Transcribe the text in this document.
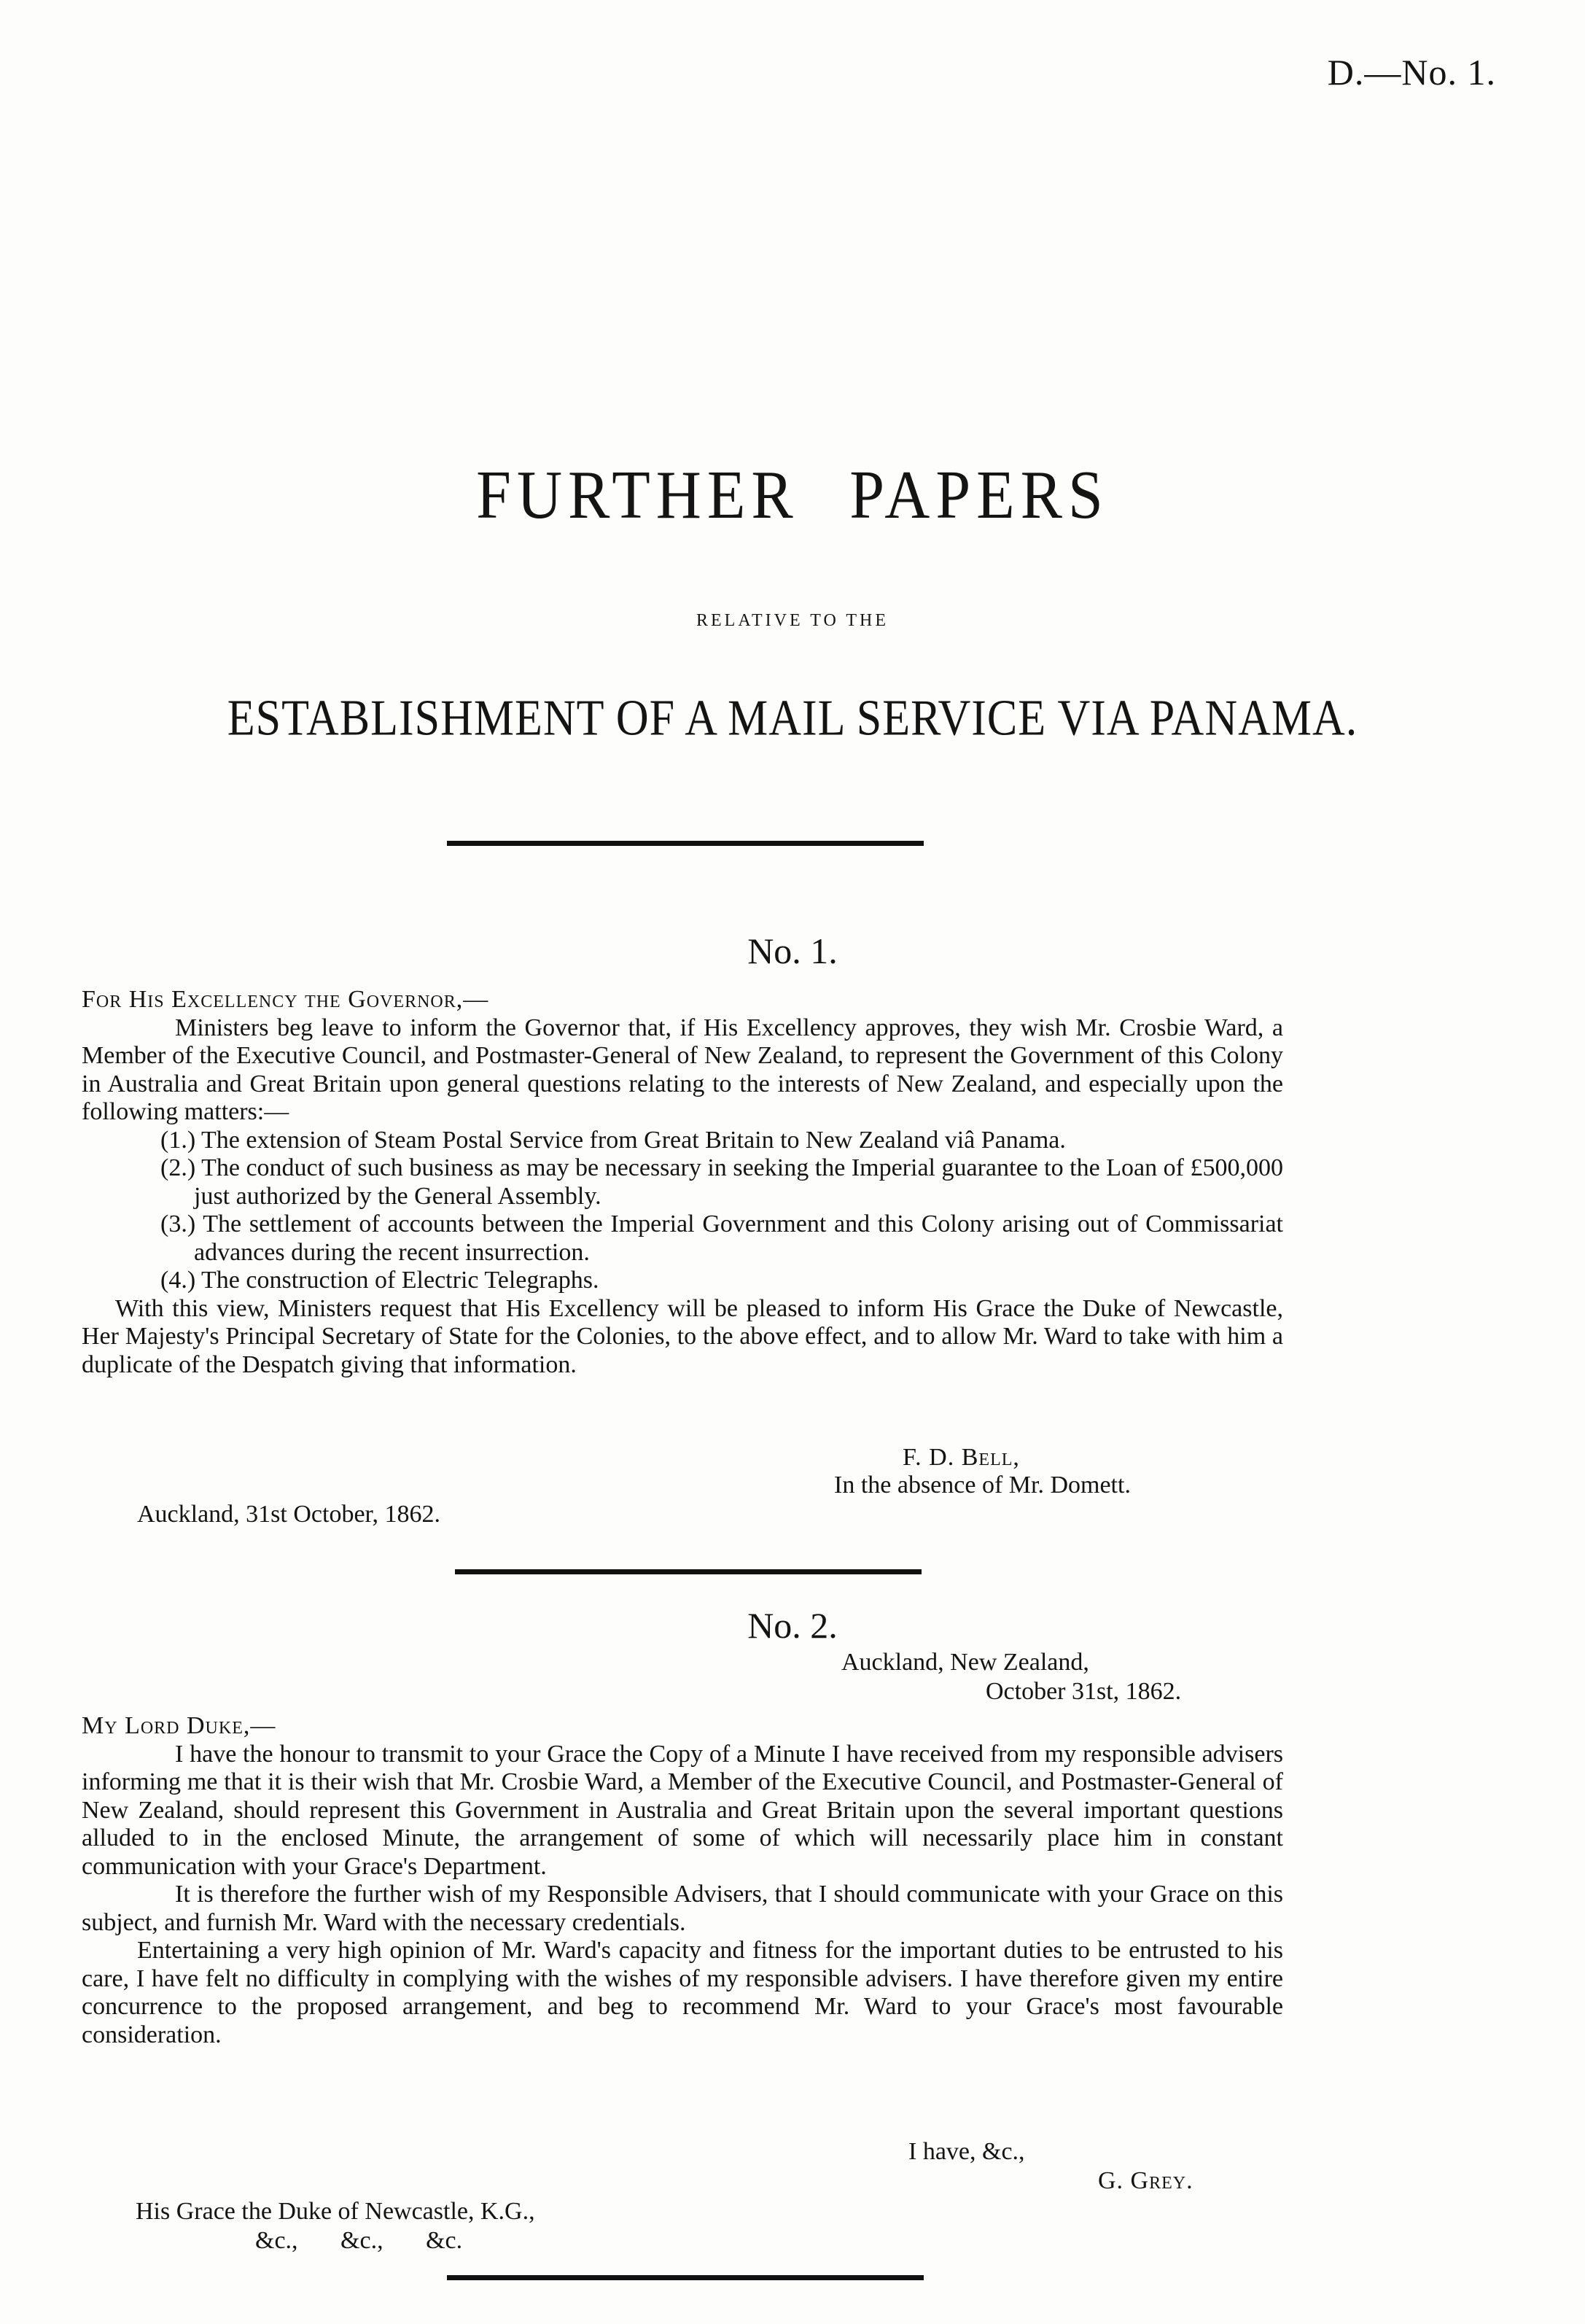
D.—No. 1.
FURTHER PAPERS
RELATIVE TO THE
ESTABLISHMENT OF A MAIL SERVICE VIA PANAMA.
No. 1.
For His Excellency the Governor,—

Ministers beg leave to inform the Governor that, if His Excellency approves, they wish Mr. Crosbie Ward, a Member of the Executive Council, and Postmaster-General of New Zealand, to represent the Government of this Colony in Australia and Great Britain upon general questions relating to the interests of New Zealand, and especially upon the following matters:—

(1.) The extension of Steam Postal Service from Great Britain to New Zealand viâ Panama.
(2.) The conduct of such business as may be necessary in seeking the Imperial guarantee to the Loan of £500,000 just authorized by the General Assembly.
(3.) The settlement of accounts between the Imperial Government and this Colony arising out of Commissariat advances during the recent insurrection.
(4.) The construction of Electric Telegraphs.

With this view, Ministers request that His Excellency will be pleased to inform His Grace the Duke of Newcastle, Her Majesty's Principal Secretary of State for the Colonies, to the above effect, and to allow Mr. Ward to take with him a duplicate of the Despatch giving that information.

F. D. Bell,
In the absence of Mr. Domett.
Auckland, 31st October, 1862.
No. 2.
Auckland, New Zealand,
October 31st, 1862.
My Lord Duke,—

I have the honour to transmit to your Grace the Copy of a Minute I have received from my responsible advisers informing me that it is their wish that Mr. Crosbie Ward, a Member of the Executive Council, and Postmaster-General of New Zealand, should represent this Government in Australia and Great Britain upon the several important questions alluded to in the enclosed Minute, the arrangement of some of which will necessarily place him in constant communication with your Grace's Department.

It is therefore the further wish of my Responsible Advisers, that I should communicate with your Grace on this subject, and furnish Mr. Ward with the necessary credentials.

Entertaining a very high opinion of Mr. Ward's capacity and fitness for the important duties to be entrusted to his care, I have felt no difficulty in complying with the wishes of my responsible advisers. I have therefore given my entire concurrence to the proposed arrangement, and beg to recommend Mr. Ward to your Grace's most favourable consideration.

I have, &c.,
G. Grey.
His Grace the Duke of Newcastle, K.G.,
&c., &c., &c.
